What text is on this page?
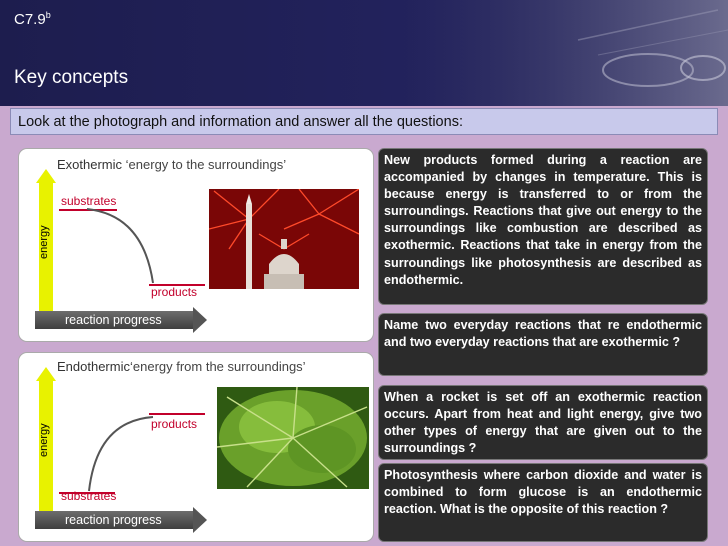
C7.9$^b$
Key concepts
Look at the photograph and information and answer all the questions:
Exothermic ‘energy to the surroundings’
energy
reaction progress
substrates
products
Endothermic‘energy from the surroundings’
energy
reaction progress
products
substrates
New products formed during a reaction are accompanied by changes in temperature. This is because energy is transferred to or from the surroundings. Reactions that give out energy to the surroundings like combustion are described as exothermic. Reactions that take in energy from the surroundings like photosynthesis are described as endothermic.
Name two everyday reactions that re endothermic and two everyday reactions that are exothermic ?
When a rocket is set off an exothermic reaction occurs. Apart from heat and light energy, give two other types of energy that are given out to the surroundings ?
Photosynthesis where carbon dioxide and water is combined to form glucose is an endothermic reaction. What is the opposite of this reaction ?
